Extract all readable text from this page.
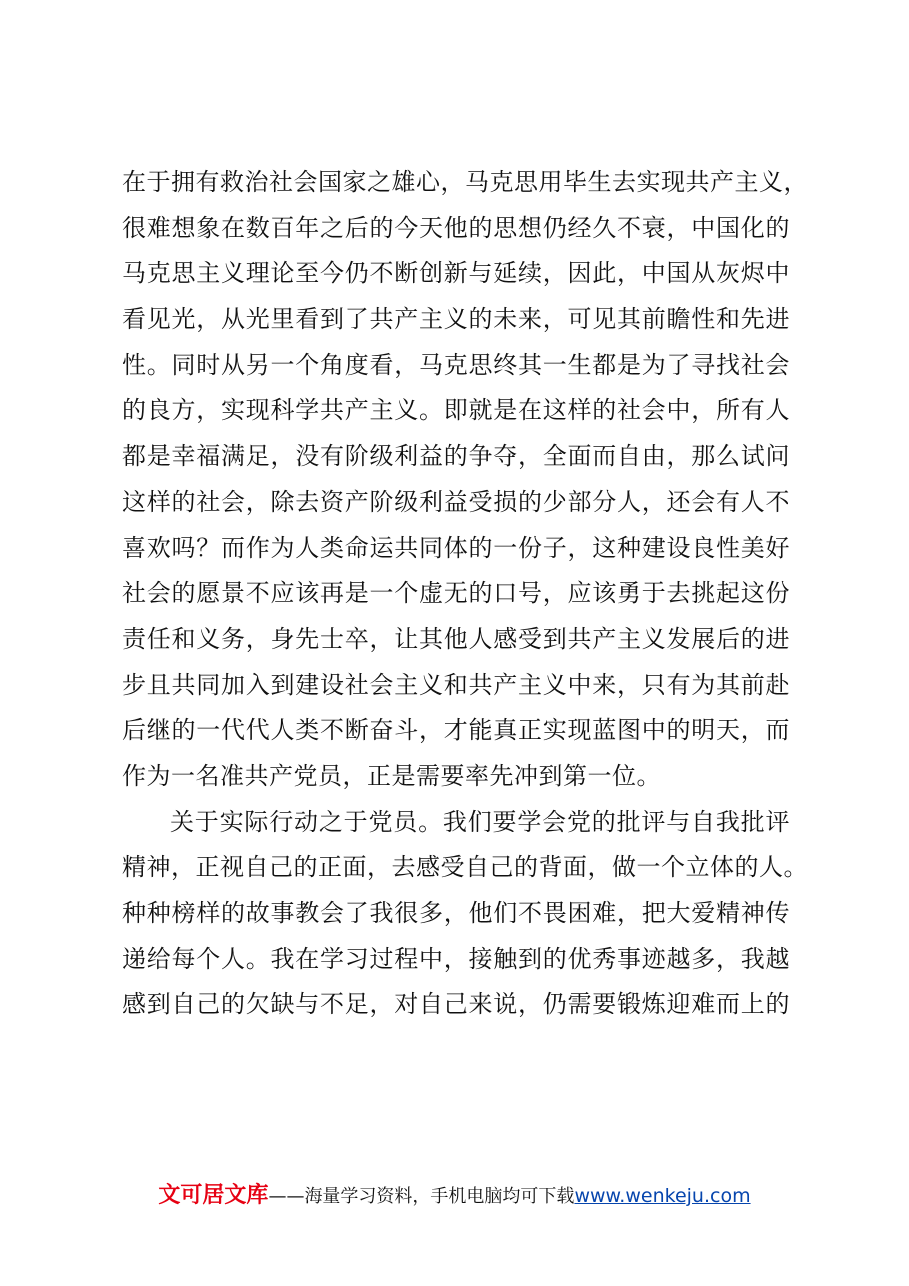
在于拥有救治社会国家之雄心，马克思用毕生去实现共产主义，
很难想象在数百年之后的今天他的思想仍经久不衰，中国化的
马克思主义理论至今仍不断创新与延续，因此，中国从灰烬中
看见光，从光里看到了共产主义的未来，可见其前瞻性和先进
性。同时从另一个角度看，马克思终其一生都是为了寻找社会
的良方，实现科学共产主义。即就是在这样的社会中，所有人
都是幸福满足，没有阶级利益的争夺，全面而自由，那么试问
这样的社会，除去资产阶级利益受损的少部分人，还会有人不
喜欢吗？而作为人类命运共同体的一份子，这种建设良性美好
社会的愿景不应该再是一个虚无的口号，应该勇于去挑起这份
责任和义务，身先士卒，让其他人感受到共产主义发展后的进
步且共同加入到建设社会主义和共产主义中来，只有为其前赴
后继的一代代人类不断奋斗，才能真正实现蓝图中的明天，而
作为一名准共产党员，正是需要率先冲到第一位。
关于实际行动之于党员。我们要学会党的批评与自我批评
精神，正视自己的正面，去感受自己的背面，做一个立体的人。
种种榜样的故事教会了我很多，他们不畏困难，把大爱精神传
递给每个人。我在学习过程中，接触到的优秀事迹越多，我越
感到自己的欠缺与不足，对自己来说，仍需要锻炼迎难而上的
文可居文库——海量学习资料，手机电脑均可下载www.wenkeju.com
